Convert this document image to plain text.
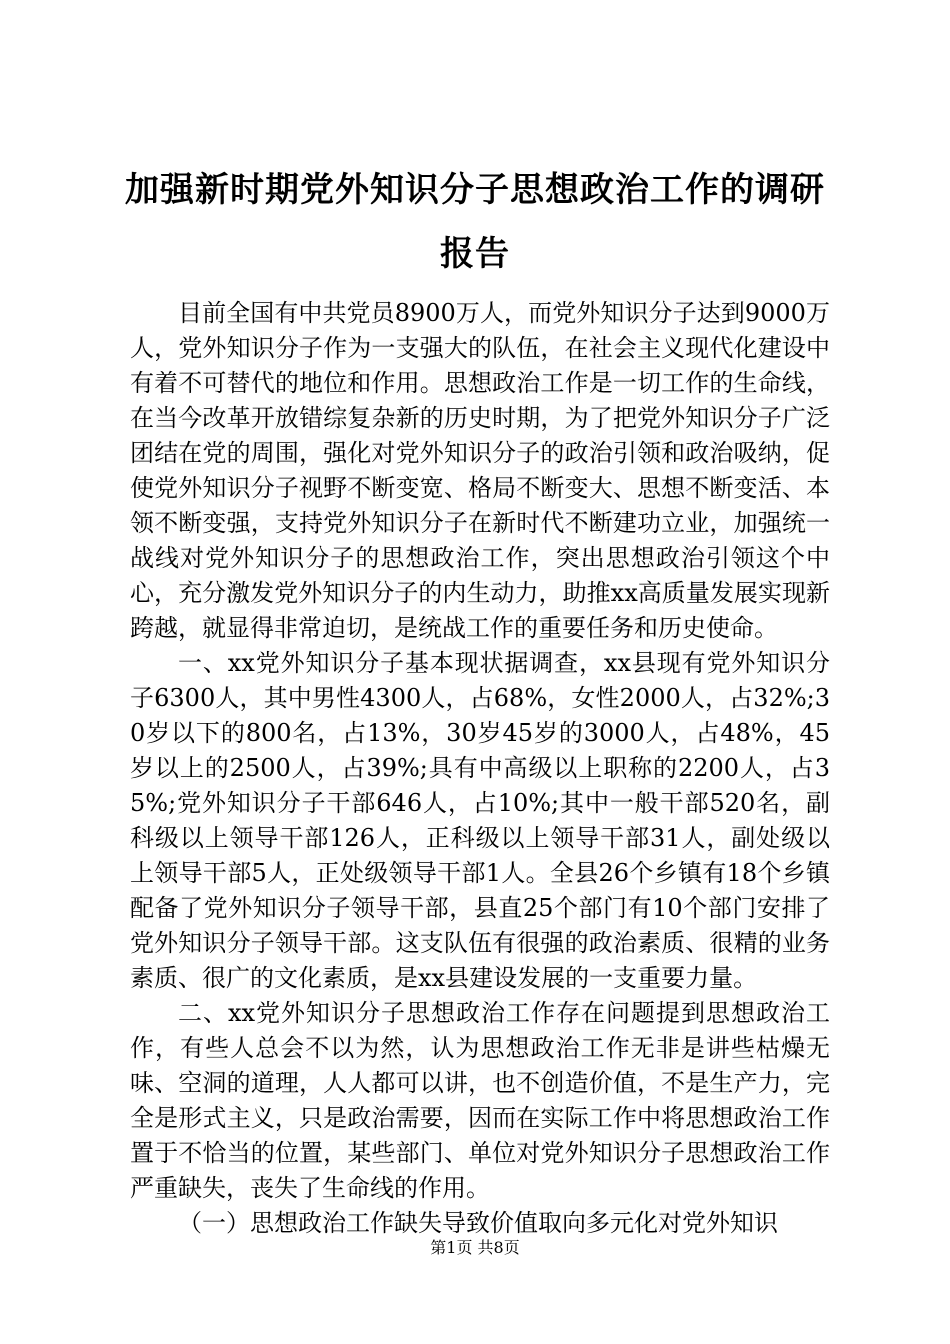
加强新时期党外知识分子思想政治工作的调研报告

目前全国有中共党员8900万人，而党外知识分子达到9000万人，党外知识分子作为一支强大的队伍，在社会主义现代化建设中有着不可替代的地位和作用。思想政治工作是一切工作的生命线，在当今改革开放错综复杂新的历史时期，为了把党外知识分子广泛团结在党的周围，强化对党外知识分子的政治引领和政治吸纳，促使党外知识分子视野不断变宽、格局不断变大、思想不断变活、本领不断变强，支持党外知识分子在新时代不断建功立业，加强统一战线对党外知识分子的思想政治工作，突出思想政治引领这个中心，充分激发党外知识分子的内生动力，助推xx高质量发展实现新跨越，就显得非常迫切，是统战工作的重要任务和历史使命。

一、xx党外知识分子基本现状据调查，xx县现有党外知识分子6300人，其中男性4300人，占68%，女性2000人，占32%;30岁以下的800名，占13%，30岁45岁的3000人，占48%，45岁以上的2500人，占39%;具有中高级以上职称的2200人，占35%;党外知识分子干部646人，占10%;其中一般干部520名，副科级以上领导干部126人，正科级以上领导干部31人，副处级以上领导干部5人，正处级领导干部1人。全县26个乡镇有18个乡镇配备了党外知识分子领导干部，县直25个部门有10个部门安排了党外知识分子领导干部。这支队伍有很强的政治素质、很精的业务素质、很广的文化素质，是xx县建设发展的一支重要力量。

二、xx党外知识分子思想政治工作存在问题提到思想政治工作，有些人总会不以为然，认为思想政治工作无非是讲些枯燥无味、空洞的道理，人人都可以讲，也不创造价值，不是生产力，完全是形式主义，只是政治需要，因而在实际工作中将思想政治工作置于不恰当的位置，某些部门、单位对党外知识分子思想政治工作严重缺失，丧失了生命线的作用。

（一）思想政治工作缺失导致价值取向多元化对党外知识

第1页 共8页
